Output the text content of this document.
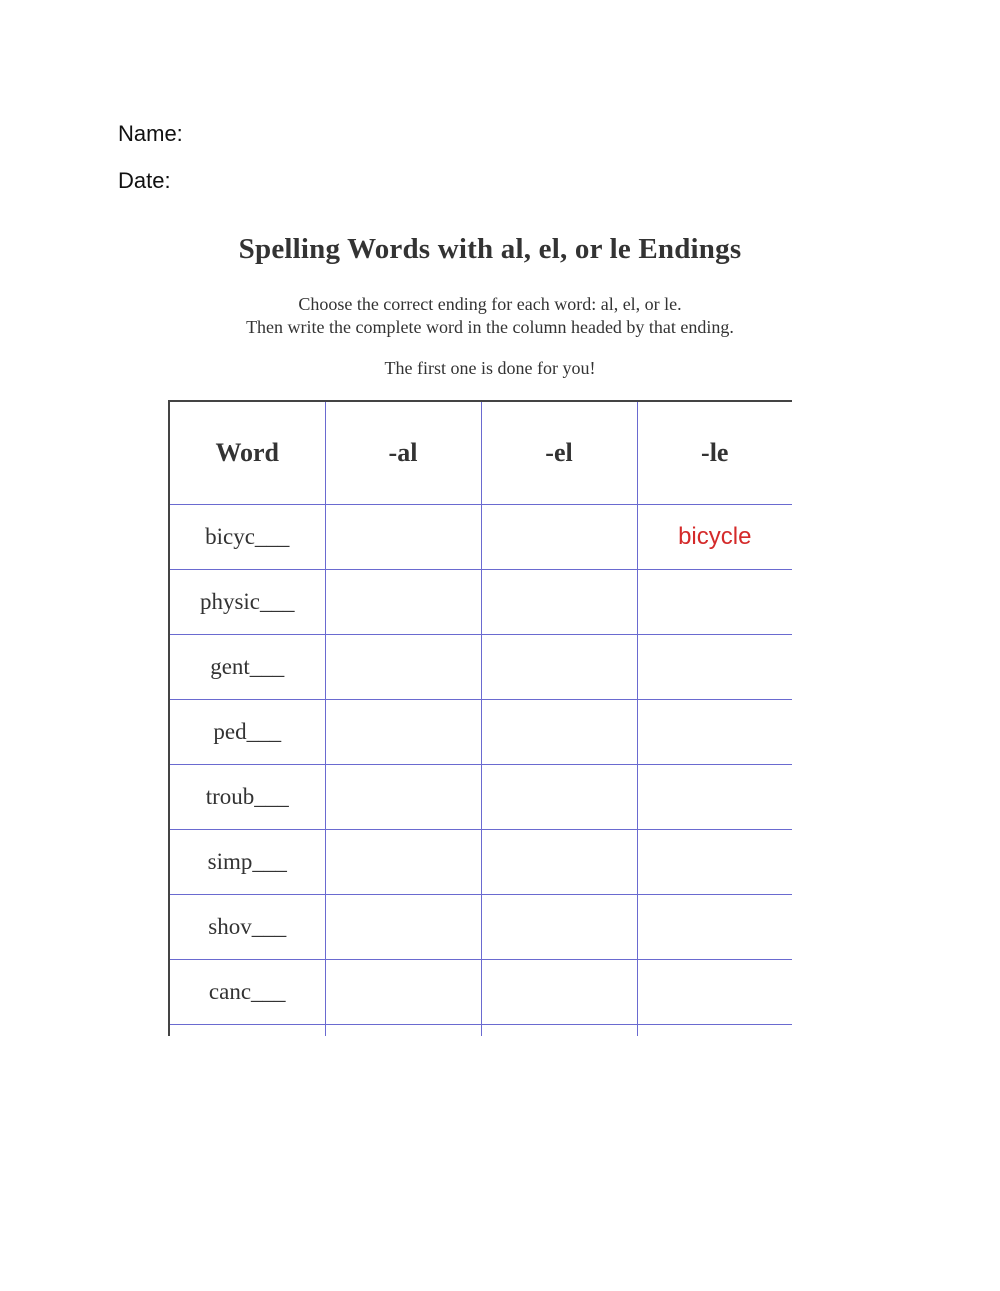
Name:
Date:
Spelling Words with al, el, or le Endings
Choose the correct ending for each word: al, el, or le.
Then write the complete word in the column headed by that ending.
The first one is done for you!
Word	-al	-el	-le
bicyc___			bicycle
physic___			
gent___			
ped___			
troub___			
simp___			
shov___			
canc___			
